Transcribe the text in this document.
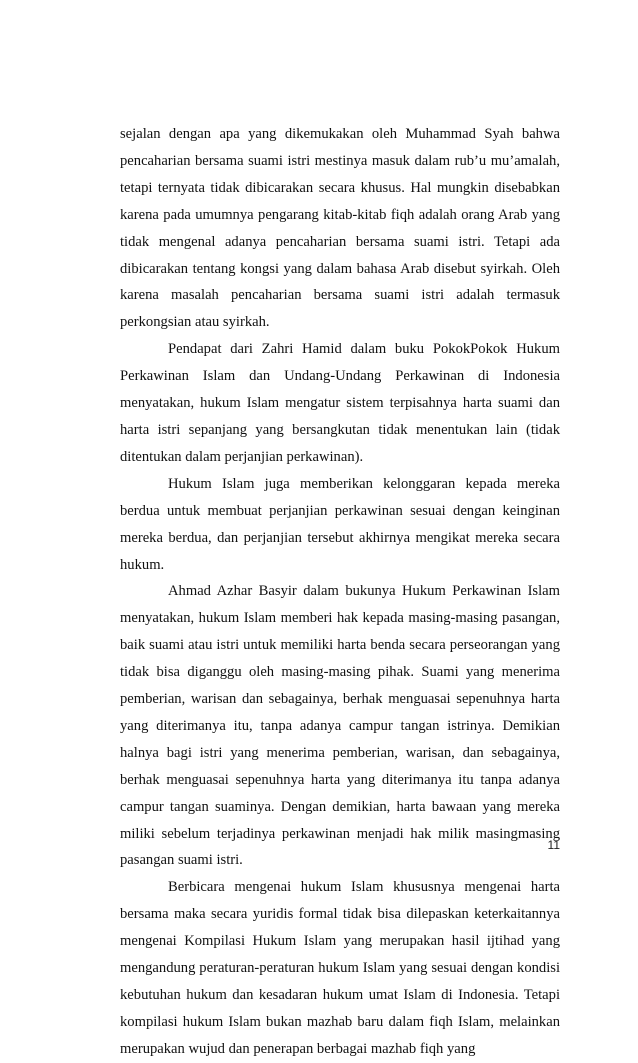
sejalan dengan apa yang dikemukakan oleh Muhammad Syah bahwa pencaharian bersama suami istri mestinya masuk dalam rub’u mu’amalah, tetapi ternyata tidak dibicarakan secara khusus. Hal mungkin disebabkan karena pada umumnya pengarang kitab-kitab fiqh adalah orang Arab yang tidak mengenal adanya pencaharian bersama suami istri. Tetapi ada dibicarakan tentang kongsi yang dalam bahasa Arab disebut syirkah. Oleh karena masalah pencaharian bersama suami istri adalah termasuk perkongsian atau syirkah.

Pendapat dari Zahri Hamid dalam buku PokokPokok Hukum Perkawinan Islam dan Undang-Undang Perkawinan di Indonesia menyatakan, hukum Islam mengatur sistem terpisahnya harta suami dan harta istri sepanjang yang bersangkutan tidak menentukan lain (tidak ditentukan dalam perjanjian perkawinan).

Hukum Islam juga memberikan kelonggaran kepada mereka berdua untuk membuat perjanjian perkawinan sesuai dengan keinginan mereka berdua, dan perjanjian tersebut akhirnya mengikat mereka secara hukum.

Ahmad Azhar Basyir dalam bukunya Hukum Perkawinan Islam menyatakan, hukum Islam memberi hak kepada masing-masing pasangan, baik suami atau istri untuk memiliki harta benda secara perseorangan yang tidak bisa diganggu oleh masing-masing pihak. Suami yang menerima pemberian, warisan dan sebagainya, berhak menguasai sepenuhnya harta yang diterimanya itu, tanpa adanya campur tangan istrinya. Demikian halnya bagi istri yang menerima pemberian, warisan, dan sebagainya, berhak menguasai sepenuhnya harta yang diterimanya itu tanpa adanya campur tangan suaminya. Dengan demikian, harta bawaan yang mereka miliki sebelum terjadinya perkawinan menjadi hak milik masingmasing pasangan suami istri.

Berbicara mengenai hukum Islam khususnya mengenai harta bersama maka secara yuridis formal tidak bisa dilepaskan keterkaitannya mengenai Kompilasi Hukum Islam yang merupakan hasil ijtihad yang mengandung peraturan-peraturan hukum Islam yang sesuai dengan kondisi kebutuhan hukum dan kesadaran hukum umat Islam di Indonesia. Tetapi kompilasi hukum Islam bukan mazhab baru dalam fiqh Islam, melainkan merupakan wujud dan penerapan berbagai mazhab fiqh yang

11
